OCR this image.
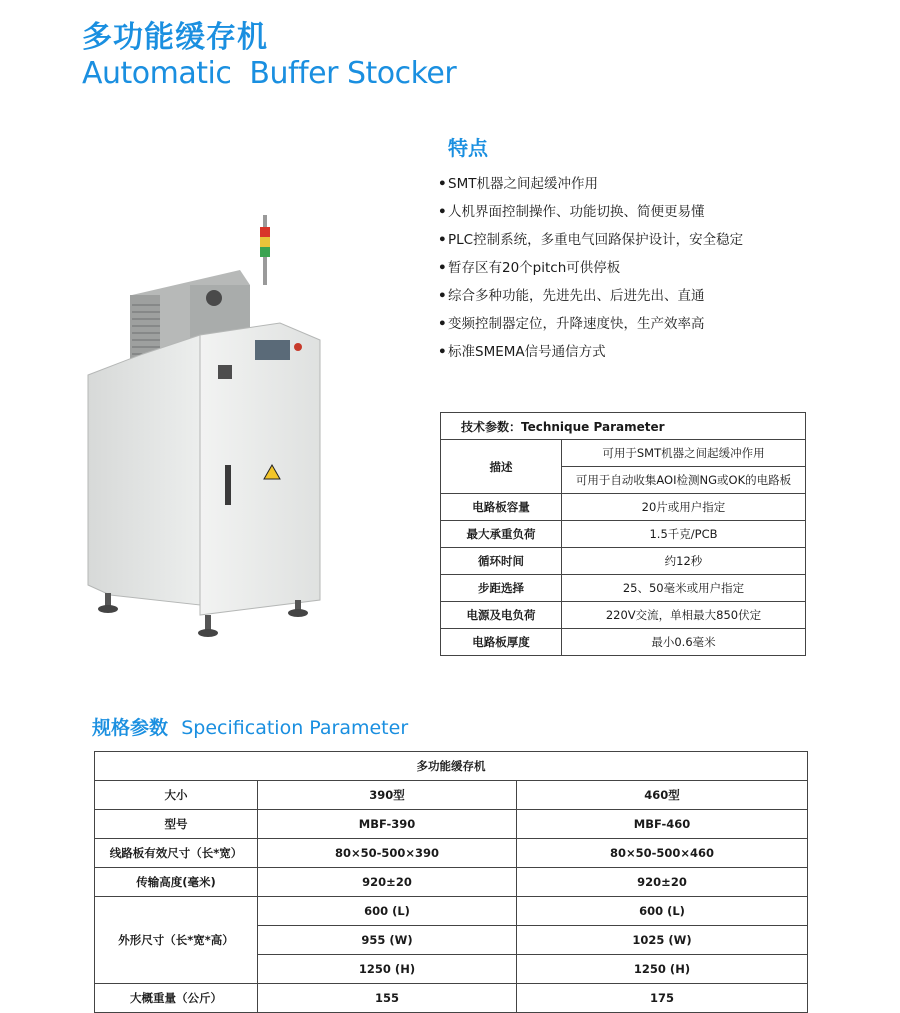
多功能缓存机
Automatic  Buffer Stocker
特点
•SMT机器之间起缓冲作用
•人机界面控制操作、功能切换、简便更易懂
•PLC控制系统，多重电气回路保护设计，安全稳定
•暂存区有20个pitch可供停板
•综合多种功能，先进先出、后进先出、直通
•变频控制器定位，升降速度快，生产效率高
•标准SMEMA信号通信方式
技术参数：Technique Parameter	
描述	可用于SMT机器之间起缓冲作用
	可用于自动收集AOI检测NG或OK的电路板
电路板容量	20片或用户指定
最大承重负荷	1.5千克/PCB
循环时间	约12秒
步距选择	25、50毫米或用户指定
电源及电负荷	220V交流，单相最大850伏定
电路板厚度	最小0.6毫米
规格参数 Specification Parameter
多功能缓存机		
大小	390型	460型
型号	MBF-390	MBF-460
线路板有效尺寸（长*宽）	80×50-500×390	80×50-500×460
传输高度(毫米)	920±20	920±20
外形尺寸（长*宽*高）	600 (L)	600 (L)
	955 (W)	1025 (W)
	1250 (H)	1250 (H)
大概重量（公斤）	155	175
